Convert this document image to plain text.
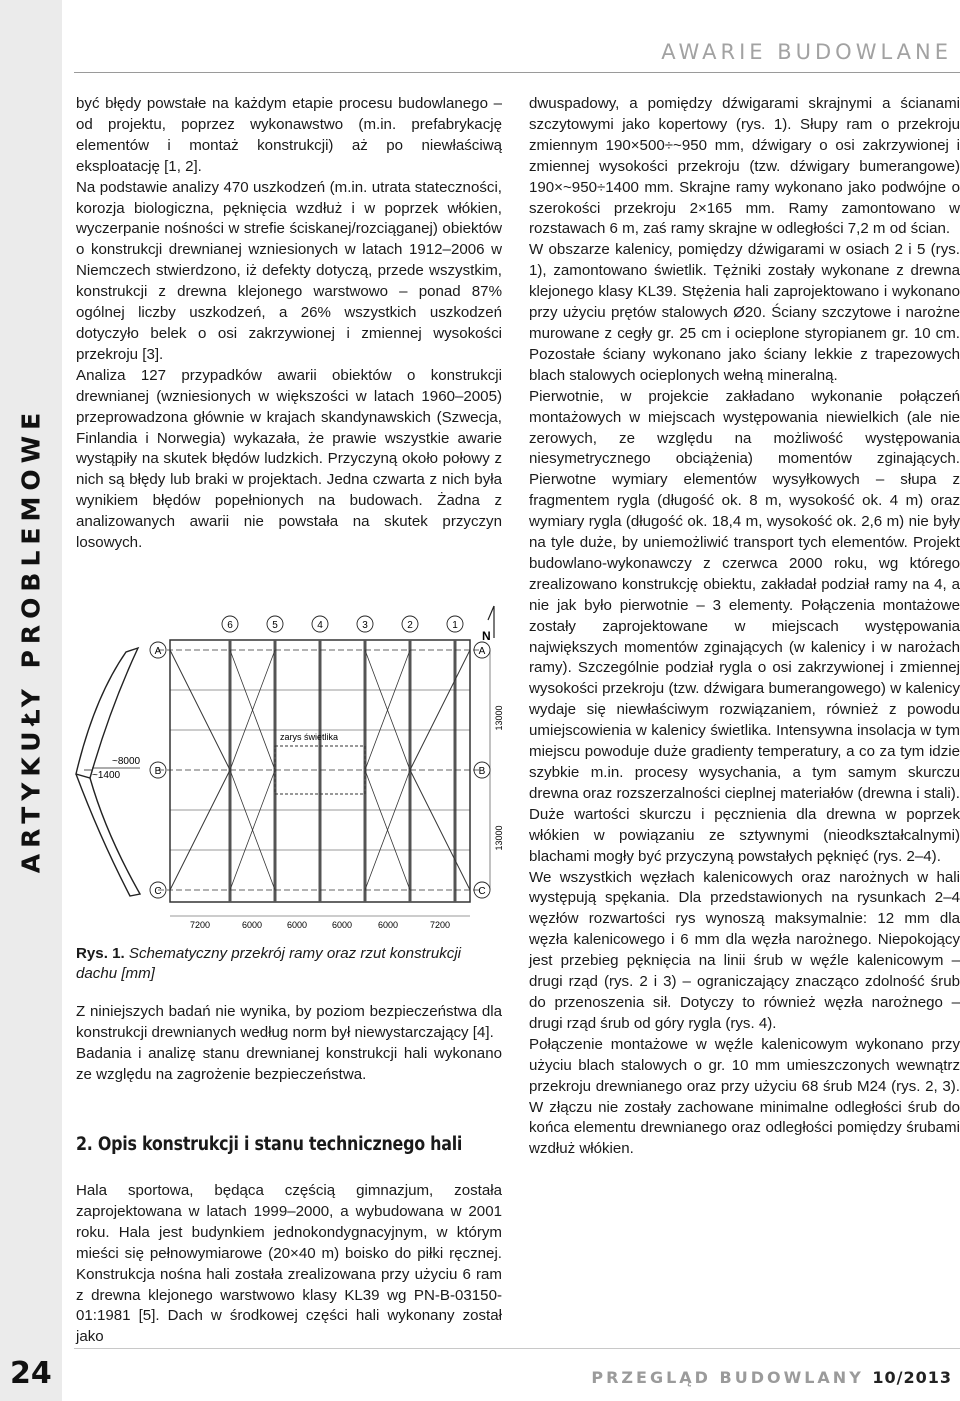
ARTYKUŁY PROBLEMOWE
24
AWARIE BUDOWLANE

być błędy powstałe na każdym etapie procesu budowlanego – od projektu, poprzez wykonawstwo (m.in. prefabrykację elementów i montaż konstrukcji) aż po niewłaściwą eksploatację [1, 2].

Na podstawie analizy 470 uszkodzeń (m.in. utrata stateczności, korozja biologiczna, pęknięcia wzdłuż i w poprzek włókien, wyczerpanie nośności w strefie ściskanej/rozciąganej) obiektów o konstrukcji drewnianej wzniesionych w latach 1912–2006 w Niemczech stwierdzono, iż defekty dotyczą, przede wszystkim, konstrukcji z drewna klejonego warstwowo – ponad 87% ogólnej liczby uszkodzeń, a 26% wszystkich uszkodzeń dotyczyło belek o osi zakrzywionej i zmiennej wysokości przekroju [3].

Analiza 127 przypadków awarii obiektów o konstrukcji drewnianej (wzniesionych w większości w latach 1960–2005) przeprowadzona głównie w krajach skandynawskich (Szwecja, Finlandia i Norwegia) wykazała, że prawie wszystkie awarie wystąpiły na skutek błędów ludzkich. Przyczyną około połowy z nich są błędy lub braki w projektach. Jedna czwarta z nich była wynikiem błędów popełnionych na budowach. Żadna z analizowanych awarii nie powstała na skutek przyczyn losowych.

~8000
~1400
zarys świetlika
6	5	4	3	2	1
A
B
C
A
B
C
N
7200	6000	6000	6000	6000	7200
13000
13000
Rys. 1. Schematyczny przekrój ramy oraz rzut konstrukcji dachu [mm]

Z niniejszych badań nie wynika, by poziom bezpieczeństwa dla konstrukcji drewnianych według norm był niewystarczający [4].

Badania i analizę stanu drewnianej konstrukcji hali wykonano ze względu na zagrożenie bezpieczeństwa.

2. Opis konstrukcji i stanu technicznego hali

Hala sportowa, będąca częścią gimnazjum, została zaprojektowana w latach 1999–2000, a wybudowana w 2001 roku. Hala jest budynkiem jednokondygnacyjnym, w którym mieści się pełnowymiarowe (20×40 m) boisko do piłki ręcznej. Konstrukcja nośna hali została zrealizowana przy użyciu 6 ram z drewna klejonego warstwowo klasy KL39 wg PN-B-03150-01:1981 [5]. Dach w środkowej części hali wykonany został jako

dwuspadowy, a pomiędzy dźwigarami skrajnymi a ścianami szczytowymi jako kopertowy (rys. 1). Słupy ram o przekroju zmiennym 190×500÷~950 mm, dźwigary o osi zakrzywionej i zmiennej wysokości przekroju (tzw. dźwigary bumerangowe) 190×~950÷1400 mm. Skrajne ramy wykonano jako podwójne o szerokości przekroju 2×165 mm. Ramy zamontowano w rozstawach 6 m, zaś ramy skrajne w odległości 7,2 m od ścian.

W obszarze kalenicy, pomiędzy dźwigarami w osiach 2 i 5 (rys. 1), zamontowano świetlik. Tężniki zostały wykonane z drewna klejonego klasy KL39. Stężenia hali zaprojektowano i wykonano przy użyciu prętów stalowych Ø20. Ściany szczytowe i narożne murowane z cegły gr. 25 cm i ocieplone styropianem gr. 10 cm. Pozostałe ściany wykonano jako ściany lekkie z trapezowych blach stalowych ocieplonych wełną mineralną.

Pierwotnie, w projekcie zakładano wykonanie połączeń montażowych w miejscach występowania niewielkich (ale nie zerowych, ze względu na możliwość występowania niesymetrycznego obciążenia) momentów zginających. Pierwotne wymiary elementów wysyłkowych – słupa z fragmentem rygla (długość ok. 8 m, wysokość ok. 4 m) oraz wymiary rygla (długość ok. 18,4 m, wysokość ok. 2,6 m) nie były na tyle duże, by uniemożliwić transport tych elementów. Projekt budowlano-wykonawczy z czerwca 2000 roku, wg którego zrealizowano konstrukcję obiektu, zakładał podział ramy na 4, a nie jak było pierwotnie – 3 elementy. Połączenia montażowe zostały zaprojektowane w miejscach występowania największych momentów zginających (w kalenicy i w narożach ramy). Szczególnie podział rygla o osi zakrzywionej i zmiennej wysokości przekroju (tzw. dźwigara bumerangowego) w kalenicy wydaje się niewłaściwym rozwiązaniem, również z powodu umiejscowienia w kalenicy świetlika. Intensywna insolacja w tym miejscu powoduje duże gradienty temperatury, a co za tym idzie szybkie m.in. procesy wysychania, a tym samym skurczu drewna oraz rozszerzalności cieplnej materiałów (drewna i stali). Duże wartości skurczu i pęcznienia dla drewna w poprzek włókien w powiązaniu ze sztywnymi (nieodkształcalnymi) blachami mogły być przyczyną powstałych pęknięć (rys. 2–4).

We wszystkich węzłach kalenicowych oraz narożnych w hali występują spękania. Dla przedstawionych na rysunkach 2–4 węzłów rozwartości rys wynoszą maksymalnie: 12 mm dla węzła kalenicowego i 6 mm dla węzła narożnego. Niepokojący jest przebieg pęknięcia na linii śrub w węźle kalenicowym – drugi rząd (rys. 2 i 3) – ograniczający znacząco zdolność śrub do przenoszenia sił. Dotyczy to również węzła narożnego – drugi rząd śrub od góry rygla (rys. 4).

Połączenie montażowe w węźle kalenicowym wykonano przy użyciu blach stalowych o gr. 10 mm umieszczonych wewnątrz przekroju drewnianego oraz przy użyciu 68 śrub M24 (rys. 2, 3). W złączu nie zostały zachowane minimalne odległości śrub do końca elementu drewnianego oraz odległości pomiędzy śrubami wzdłuż włókien.

PRZEGLĄD BUDOWLANY 10/2013
